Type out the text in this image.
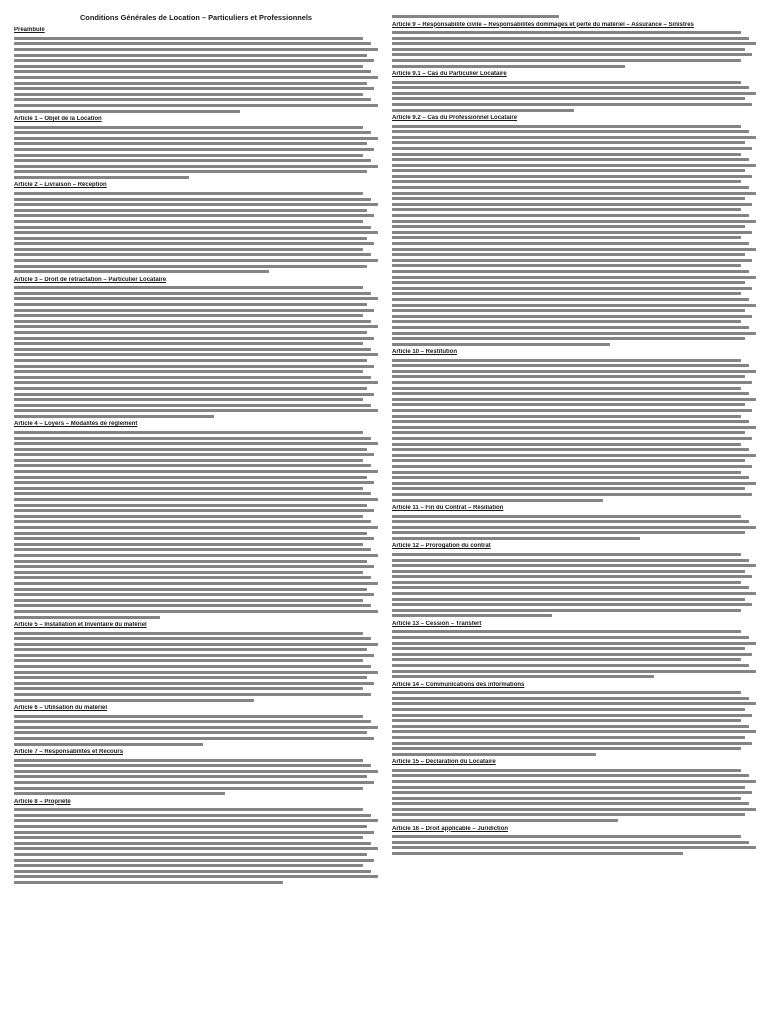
Conditions Générales de Location – Particuliers et Professionnels
Préambule
Article 1 – Objet de la Location
Article 2 – Livraison – Réception
Article 3 – Droit de rétractation – Particulier Locataire
Article 4 – Loyers – Modalités de règlement
Article 5 – Installation et Inventaire du matériel
Article 6 – Utilisation du matériel
Article 7 – Responsabilités et Recours
Article 8 – Propriété
Article 9 – Responsabilité civile – Responsabilités dommages et perte du matériel – Assurance – Sinistres
Article 9.1 – Cas du Particulier Locataire
Article 9.2 – Cas du Professionnel Locataire
Article 10 – Restitution
Article 11 – Fin du Contrat – Résiliation
Article 12 – Prorogation du contrat
Article 13 – Cession – Transfert
Article 14 – Communications des informations
Article 15 – Déclaration du Locataire
Article 16 – Droit applicable – Juridiction
